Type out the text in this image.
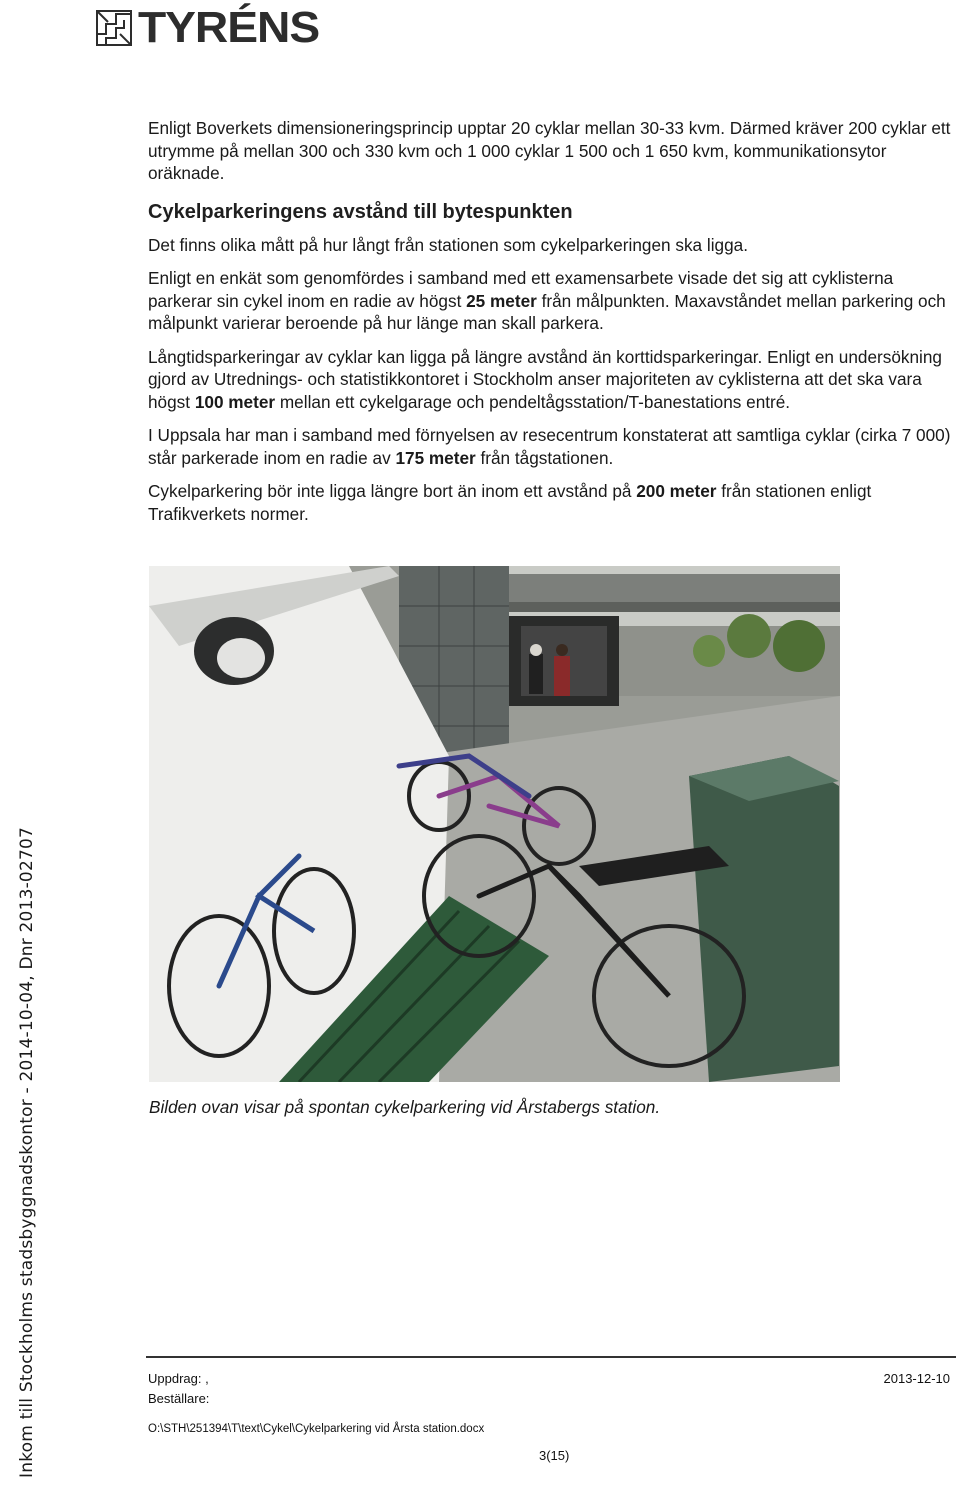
TYRÉNS
Inkom till Stockholms stadsbyggnadskontor - 2014-10-04, Dnr 2013-02707

Enligt Boverkets dimensioneringsprincip upptar 20 cyklar mellan 30-33 kvm. Därmed kräver 200 cyklar ett utrymme på mellan 300 och 330 kvm och 1 000 cyklar 1 500 och 1 650 kvm, kommunikationsytor oräknade.

Cykelparkeringens avstånd till bytespunkten

Det finns olika mått på hur långt från stationen som cykelparkeringen ska ligga.

Enligt en enkät som genomfördes i samband med ett examensarbete visade det sig att cyklisterna parkerar sin cykel inom en radie av högst 25 meter från målpunkten. Maxavståndet mellan parkering och målpunkt varierar beroende på hur länge man skall parkera.

Långtidsparkeringar av cyklar kan ligga på längre avstånd än korttidsparkeringar. Enligt en undersökning gjord av Utrednings- och statistikkontoret i Stockholm anser majoriteten av cyklisterna att det ska vara högst 100 meter mellan ett cykelgarage och pendeltågsstation/T-banestations entré.

I Uppsala har man i samband med förnyelsen av resecentrum konstaterat att samtliga cyklar (cirka 7 000) står parkerade inom en radie av 175 meter från tågstationen.

Cykelparkering bör inte ligga längre bort än inom ett avstånd på 200 meter från stationen enligt Trafikverkets normer.

Bilden ovan visar på spontan cykelparkering vid Årstabergs station.
Uppdrag: ,
Beställare:
2013-12-10
O:\STH\251394\T\text\Cykel\Cykelparkering vid Årsta station.docx
3(15)
